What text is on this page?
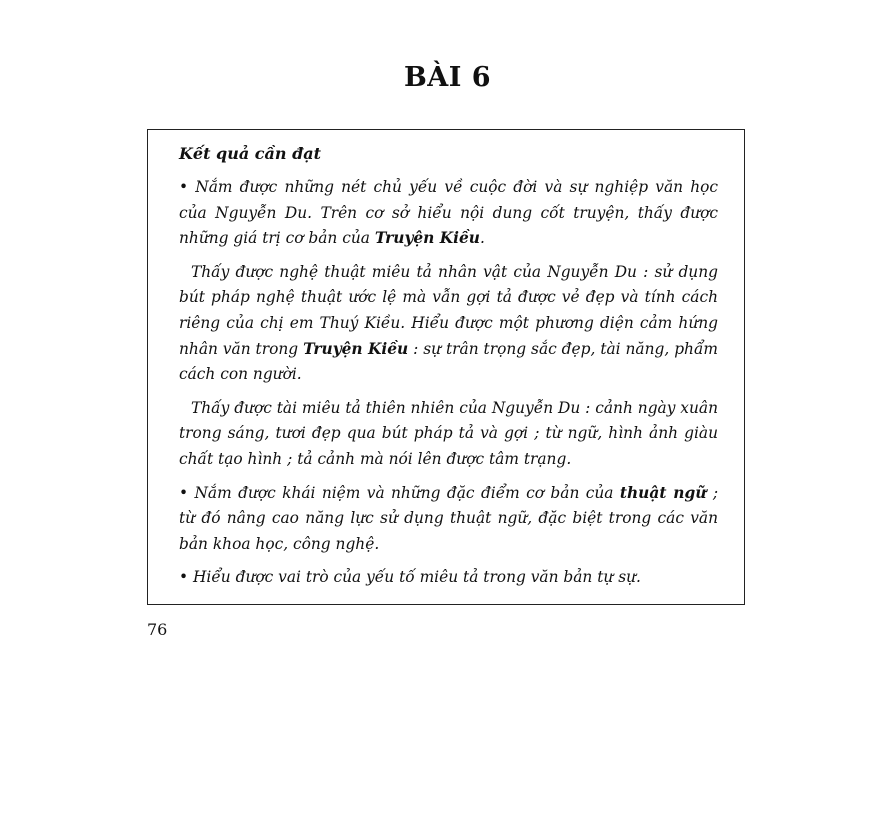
BÀI 6
Kết quả cần đạt

• Nắm được những nét chủ yếu về cuộc đời và sự nghiệp văn học của Nguyễn Du. Trên cơ sở hiểu nội dung cốt truyện, thấy được những giá trị cơ bản của Truyện Kiều.

Thấy được nghệ thuật miêu tả nhân vật của Nguyễn Du : sử dụng bút pháp nghệ thuật ước lệ mà vẫn gợi tả được vẻ đẹp và tính cách riêng của chị em Thuý Kiều. Hiểu được một phương diện cảm hứng nhân văn trong Truyện Kiều : sự trân trọng sắc đẹp, tài năng, phẩm cách con người.

Thấy được tài miêu tả thiên nhiên của Nguyễn Du : cảnh ngày xuân trong sáng, tươi đẹp qua bút pháp tả và gợi ; từ ngữ, hình ảnh giàu chất tạo hình ; tả cảnh mà nói lên được tâm trạng.

• Nắm được khái niệm và những đặc điểm cơ bản của thuật ngữ ; từ đó nâng cao năng lực sử dụng thuật ngữ, đặc biệt trong các văn bản khoa học, công nghệ.

• Hiểu được vai trò của yếu tố miêu tả trong văn bản tự sự.

76
